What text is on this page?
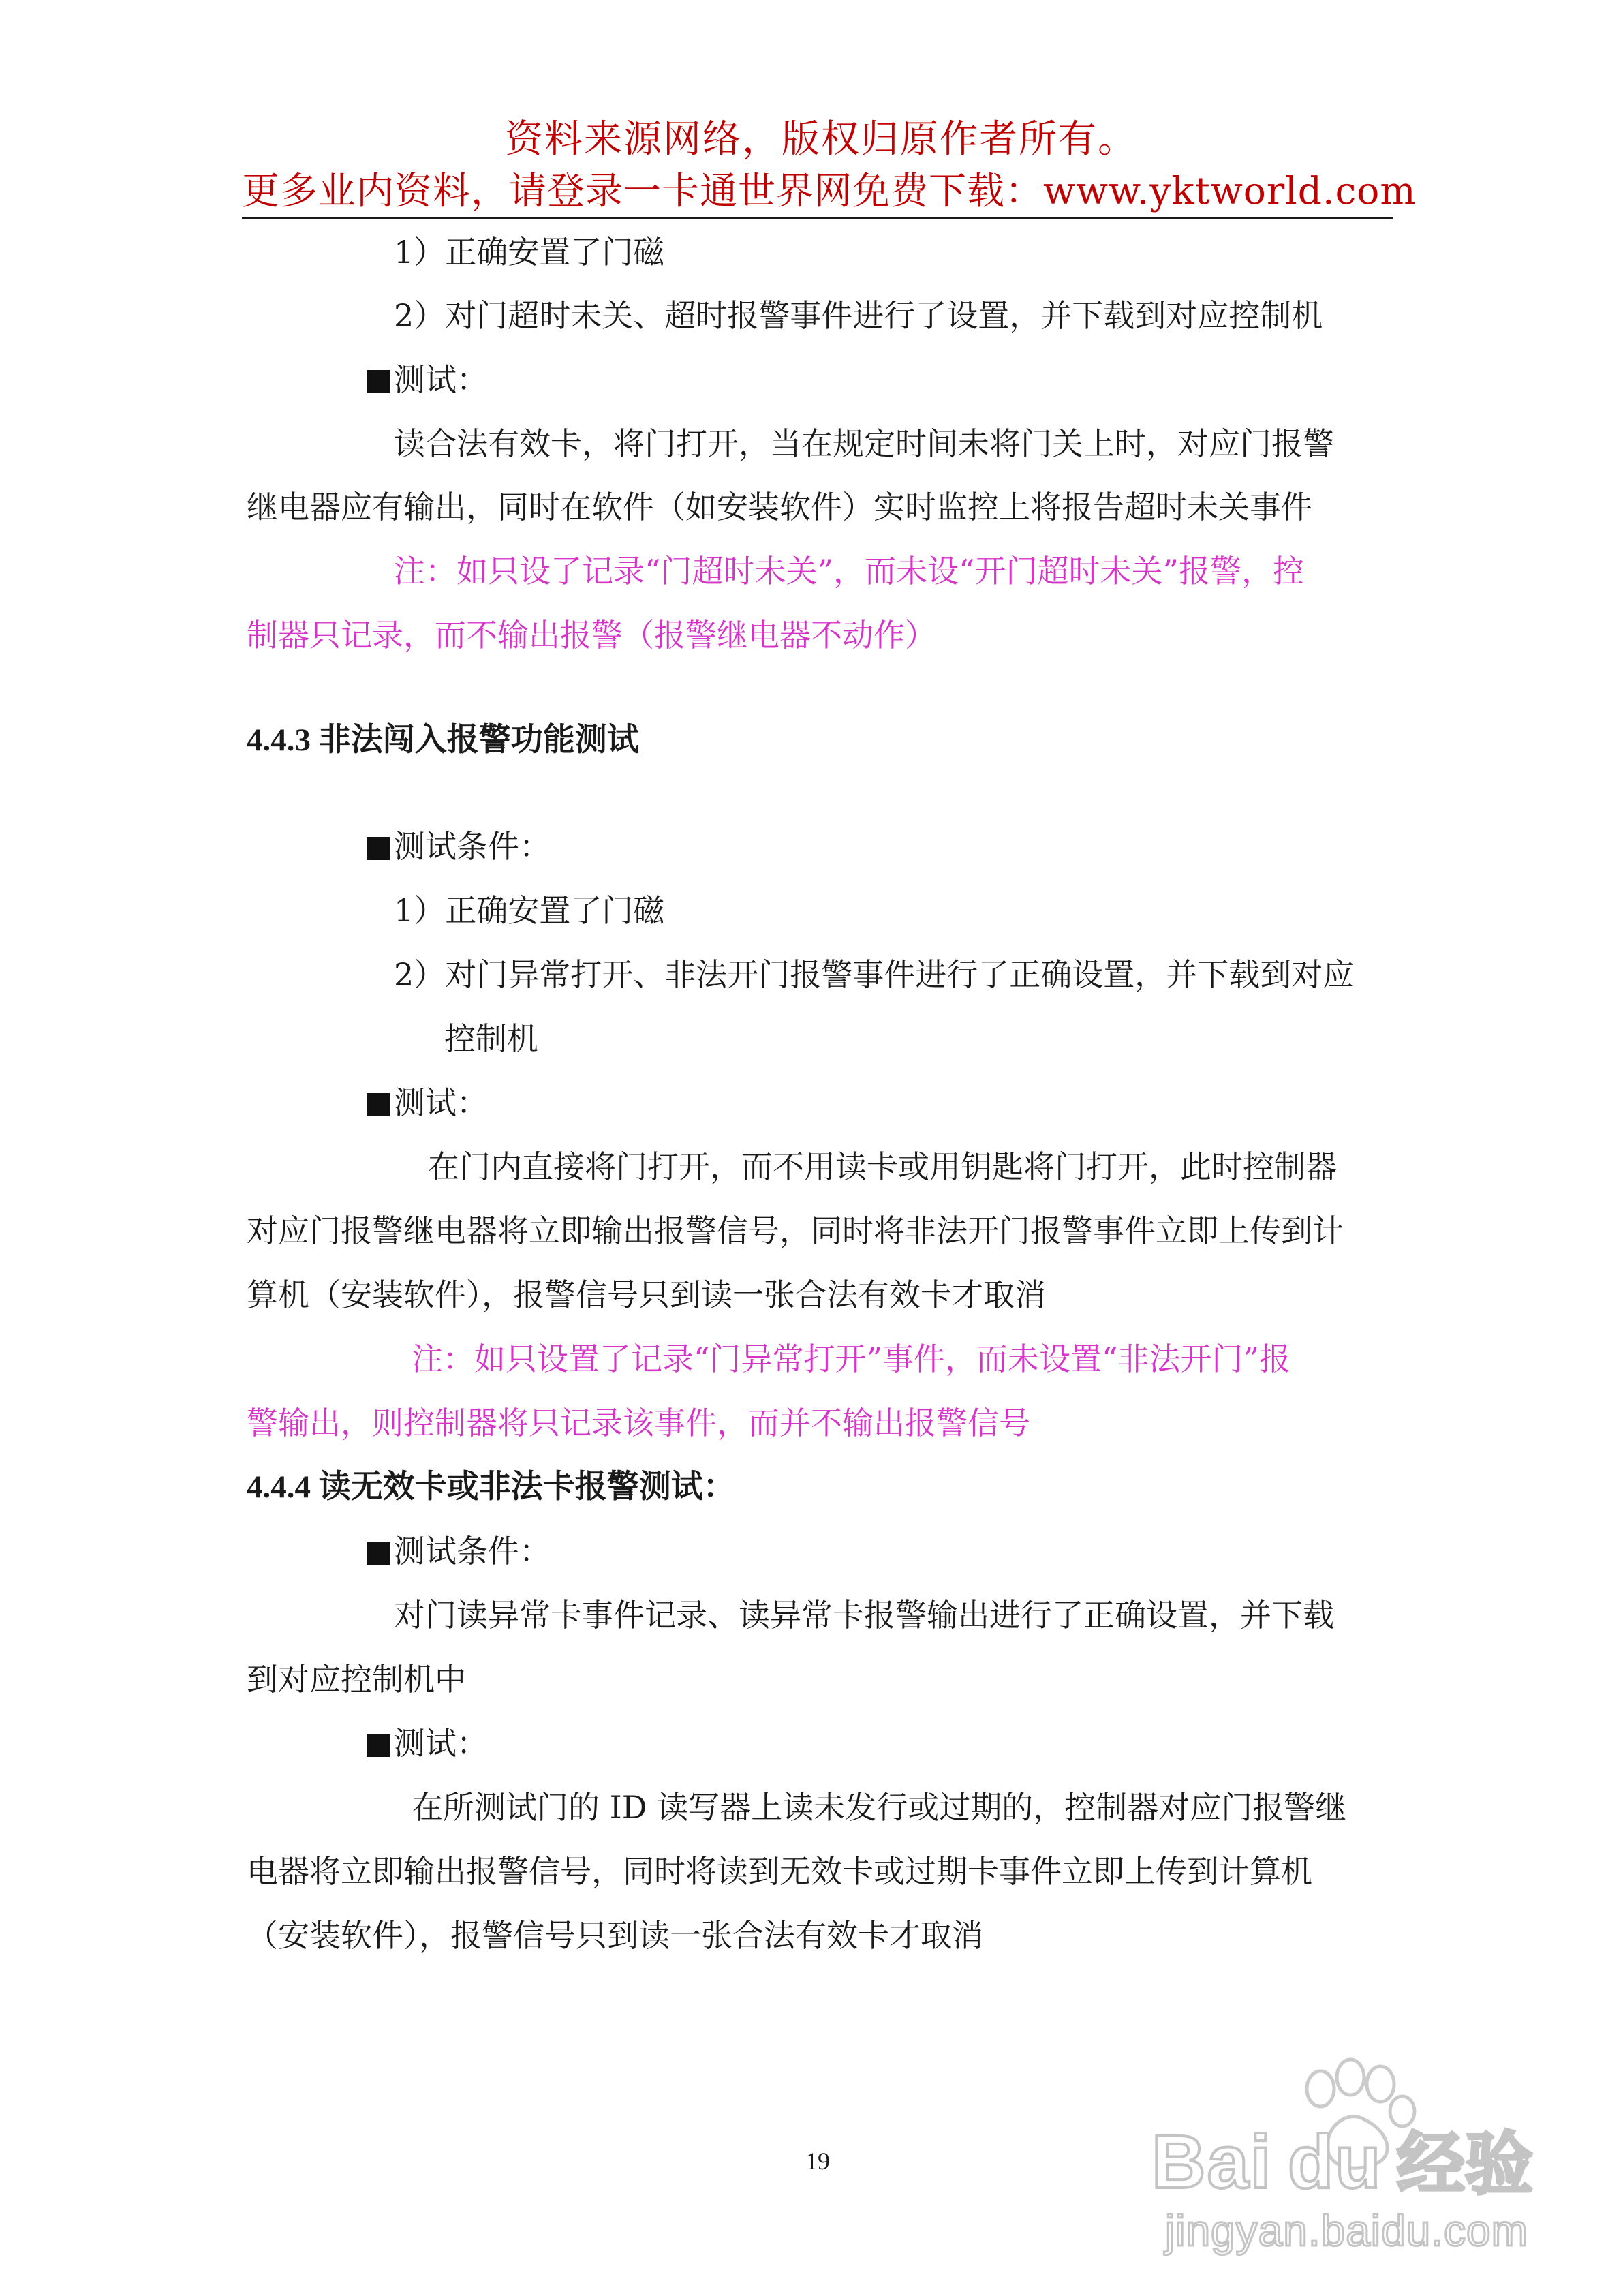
资料来源网络，版权归原作者所有。
更多业内资料，请登录一卡通世界网免费下载：www.yktworld.com
1）正确安置了门磁
2）对门超时未关、超时报警事件进行了设置，并下载到对应控制机
测试：
读合法有效卡，将门打开，当在规定时间未将门关上时，对应门报警
继电器应有输出，同时在软件（如安装软件）实时监控上将报告超时未关事件
注：如只设了记录“门超时未关”，而未设“开门超时未关”报警，控
制器只记录，而不输出报警（报警继电器不动作）
4.4.3 非法闯入报警功能测试
测试条件：
1）正确安置了门磁
2）对门异常打开、非法开门报警事件进行了正确设置，并下载到对应
控制机
测试：
在门内直接将门打开，而不用读卡或用钥匙将门打开，此时控制器
对应门报警继电器将立即输出报警信号，同时将非法开门报警事件立即上传到计
算机（安装软件），报警信号只到读一张合法有效卡才取消
注：如只设置了记录“门异常打开”事件，而未设置“非法开门”报
警输出，则控制器将只记录该事件，而并不输出报警信号
4.4.4 读无效卡或非法卡报警测试：
测试条件：
对门读异常卡事件记录、读异常卡报警输出进行了正确设置，并下载
到对应控制机中
测试：
在所测试门的 ID 读写器上读未发行或过期的，控制器对应门报警继
电器将立即输出报警信号，同时将读到无效卡或过期卡事件立即上传到计算机
（安装软件），报警信号只到读一张合法有效卡才取消
19	Bai du 经验
jingyan.baidu.com
